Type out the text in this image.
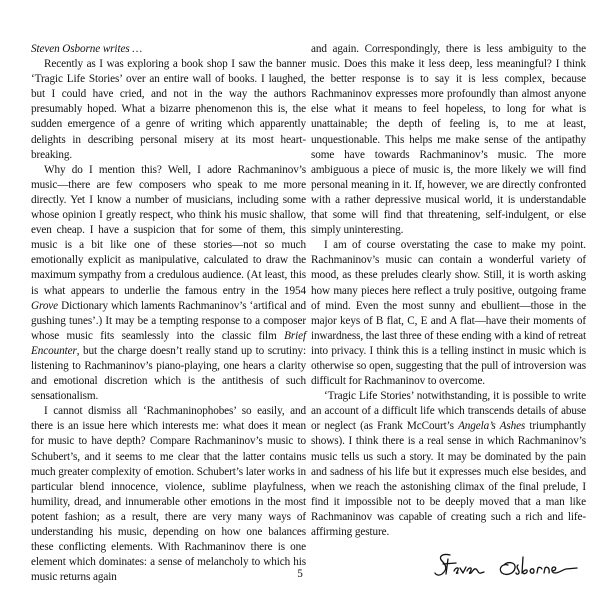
Steven Osborne writes …

Recently as I was exploring a book shop I saw the banner ‘Tragic Life Stories’ over an entire wall of books. I laughed, but I could have cried, and not in the way the authors presumably hoped. What a bizarre phenomenon this is, the sudden emergence of a genre of writing which apparently delights in describing personal misery at its most heart-breaking.

Why do I mention this? Well, I adore Rachmaninov’s music—there are few composers who speak to me more directly. Yet I know a number of musicians, including some whose opinion I greatly respect, who think his music shallow, even cheap. I have a suspicion that for some of them, this music is a bit like one of these stories—not so much emotionally explicit as manipulative, calculated to draw the maximum sympathy from a credulous audience. (At least, this is what appears to underlie the famous entry in the 1954 Grove Dictionary which laments Rachmaninov’s ‘artifical and gushing tunes’.) It may be a tempting response to a composer whose music fits seamlessly into the classic film Brief Encounter, but the charge doesn’t really stand up to scrutiny: listening to Rachmaninov’s piano-playing, one hears a clarity and emotional discretion which is the antithesis of such sensationalism.

I cannot dismiss all ‘Rachmaninophobes’ so easily, and there is an issue here which interests me: what does it mean for music to have depth? Compare Rachmaninov’s music to Schubert’s, and it seems to me clear that the latter contains much greater complexity of emotion. Schubert’s later works in particular blend innocence, violence, sublime playfulness, humility, dread, and innumerable other emotions in the most potent fashion; as a result, there are very many ways of understanding his music, depending on how one balances these conflicting elements. With Rachmaninov there is one element which dominates: a sense of melancholy to which his music returns again

and again. Correspondingly, there is less ambiguity to the music. Does this make it less deep, less meaningful? I think the better response is to say it is less complex, because Rachmaninov expresses more profoundly than almost anyone else what it means to feel hopeless, to long for what is unattainable; the depth of feeling is, to me at least, unquestionable. This helps me make sense of the antipathy some have towards Rachmaninov’s music. The more ambiguous a piece of music is, the more likely we will find personal meaning in it. If, however, we are directly confronted with a rather depressive musical world, it is understandable that some will find that threatening, self-indulgent, or else simply uninteresting.

I am of course overstating the case to make my point. Rachmaninov’s music can contain a wonderful variety of mood, as these preludes clearly show. Still, it is worth asking how many pieces here reflect a truly positive, outgoing frame of mind. Even the most sunny and ebullient—those in the major keys of B flat, C, E and A flat—have their moments of inwardness, the last three of these ending with a kind of retreat into privacy. I think this is a telling instinct in music which is otherwise so open, suggesting that the pull of introversion was difficult for Rachmaninov to overcome.

‘Tragic Life Stories’ notwithstanding, it is possible to write an account of a difficult life which transcends details of abuse or neglect (as Frank McCourt’s Angela’s Ashes triumphantly shows). I think there is a real sense in which Rachmaninov’s music tells us such a story. It may be dominated by the pain and sadness of his life but it expresses much else besides, and when we reach the astonishing climax of the final prelude, I find it impossible not to be deeply moved that a man like Rachmaninov was capable of creating such a rich and life-affirming gesture.

5
